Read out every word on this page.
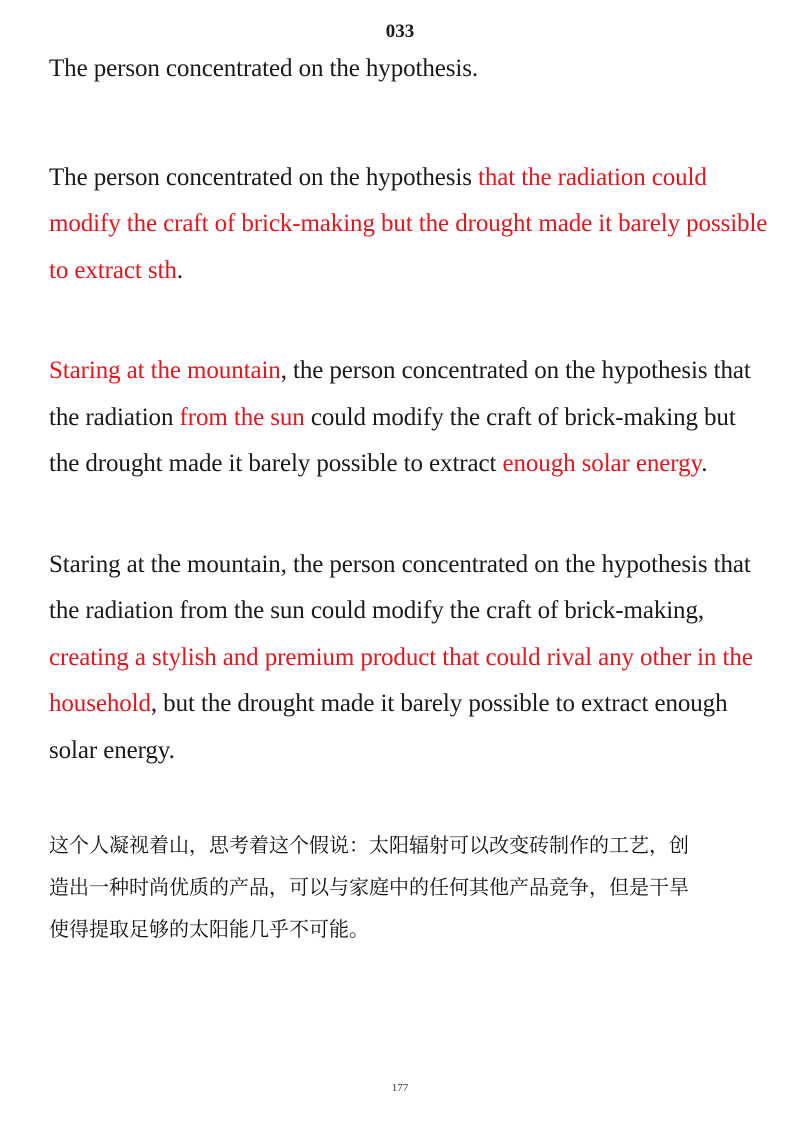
033

The person concentrated on the hypothesis.

The person concentrated on the hypothesis that the radiation could modify the craft of brick-making but the drought made it barely possible to extract sth.

Staring at the mountain, the person concentrated on the hypothesis that the radiation from the sun could modify the craft of brick-making but the drought made it barely possible to extract enough solar energy.

Staring at the mountain, the person concentrated on the hypothesis that the radiation from the sun could modify the craft of brick-making, creating a stylish and premium product that could rival any other in the household, but the drought made it barely possible to extract enough solar energy.

这个人凝视着山，思考着这个假说：太阳辐射可以改变砖制作的工艺，创

造出一种时尚优质的产品，可以与家庭中的任何其他产品竞争，但是干旱

使得提取足够的太阳能几乎不可能。

177
